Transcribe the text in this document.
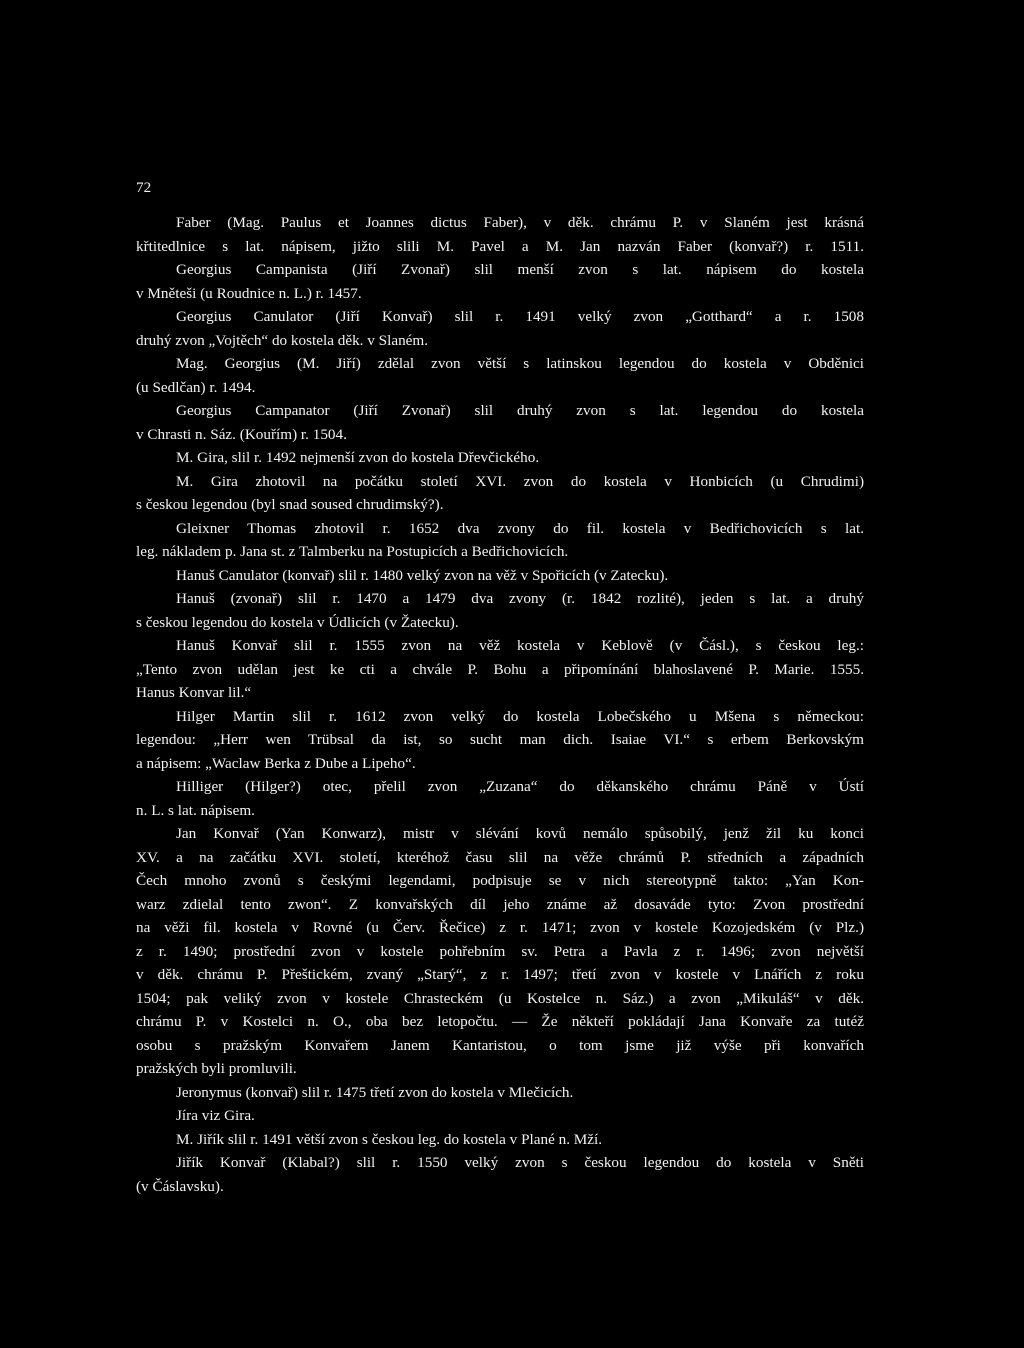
72

Faber (Mag. Paulus et Joannes dictus Faber), v děk. chrámu P. v Slaném jest krásná
křtitedlnice s lat. nápisem, jižto slili M. Pavel a M. Jan nazván Faber (konvař?) r. 1511.
Georgius Campanista (Jiří Zvonař) slil menší zvon s lat. nápisem do kostela
v Mněteši (u Roudnice n. L.) r. 1457.
Georgius Canulator (Jiří Konvař) slil r. 1491 velký zvon „Gotthard“ a r. 1508
druhý zvon „Vojtěch“ do kostela děk. v Slaném.
Mag. Georgius (M. Jiří) zdělal zvon větší s latinskou legendou do kostela v Obděnici
(u Sedlčan) r. 1494.
Georgius Campanator (Jiří Zvonař) slil druhý zvon s lat. legendou do kostela
v Chrasti n. Sáz. (Kouřím) r. 1504.
M. Gira, slil r. 1492 nejmenší zvon do kostela Dřevčického.
M. Gira zhotovil na počátku století XVI. zvon do kostela v Honbicích (u Chrudimi)
s českou legendou (byl snad soused chrudimský?).
Gleixner Thomas zhotovil r. 1652 dva zvony do fil. kostela v Bedřichovicích s lat.
leg. nákladem p. Jana st. z Talmberku na Postupicích a Bedřichovicích.
Hanuš Canulator (konvař) slil r. 1480 velký zvon na věž v Spořicích (v Zatecku).
Hanuš (zvonař) slil r. 1470 a 1479 dva zvony (r. 1842 rozlité), jeden s lat. a druhý
s českou legendou do kostela v Údlicích (v Žatecku).
Hanuš Konvař slil r. 1555 zvon na věž kostela v Keblově (v Čásl.), s českou leg.:
„Tento zvon udělan jest ke cti a chvále P. Bohu a připomínání blahoslavené P. Marie. 1555.
Hanus Konvar lil.“
Hilger Martin slil r. 1612 zvon velký do kostela Lobečského u Mšena s německou:
legendou: „Herr wen Trübsal da ist, so sucht man dich. Isaiae VI.“ s erbem Berkovským
a nápisem: „Waclaw Berka z Dube a Lipeho“.
Hilliger (Hilger?) otec, přelil zvon „Zuzana“ do děkanského chrámu Páně v Ústí
n. L. s lat. nápisem.
Jan Konvař (Yan Konwarz), mistr v slévání kovů nemálo spůsobilý, jenž žil ku konci
XV. a na začátku XVI. století, kteréhož času slil na věže chrámů P. středních a západních
Čech mnoho zvonů s českými legendami, podpisuje se v nich stereotypně takto: „Yan Kon-
warz zdielal tento zwon“. Z konvařských díl jeho známe až dosaváde tyto: Zvon prostřední
na věži fil. kostela v Rovné (u Červ. Řečice) z r. 1471; zvon v kostele Kozojedském (v Plz.)
z r. 1490; prostřední zvon v kostele pohřebním sv. Petra a Pavla z r. 1496; zvon největší
v děk. chrámu P. Přeštickém, zvaný „Starý“, z r. 1497; třetí zvon v kostele v Lnářích z roku
1504; pak veliký zvon v kostele Chrasteckém (u Kostelce n. Sáz.) a zvon „Mikuláš“ v děk.
chrámu P. v Kostelci n. O., oba bez letopočtu. — Že někteří pokládají Jana Konvaře za tutéž
osobu s pražským Konvařem Janem Kantaristou, o tom jsme již výše při konvařích
pražských byli promluvili.
Jeronymus (konvař) slil r. 1475 třetí zvon do kostela v Mlečicích.
Jíra viz Gira.
M. Jiřík slil r. 1491 větší zvon s českou leg. do kostela v Plané n. Mží.
Jiřík Konvař (Klabal?) slil r. 1550 velký zvon s českou legendou do kostela v Sněti
(v Čáslavsku).
